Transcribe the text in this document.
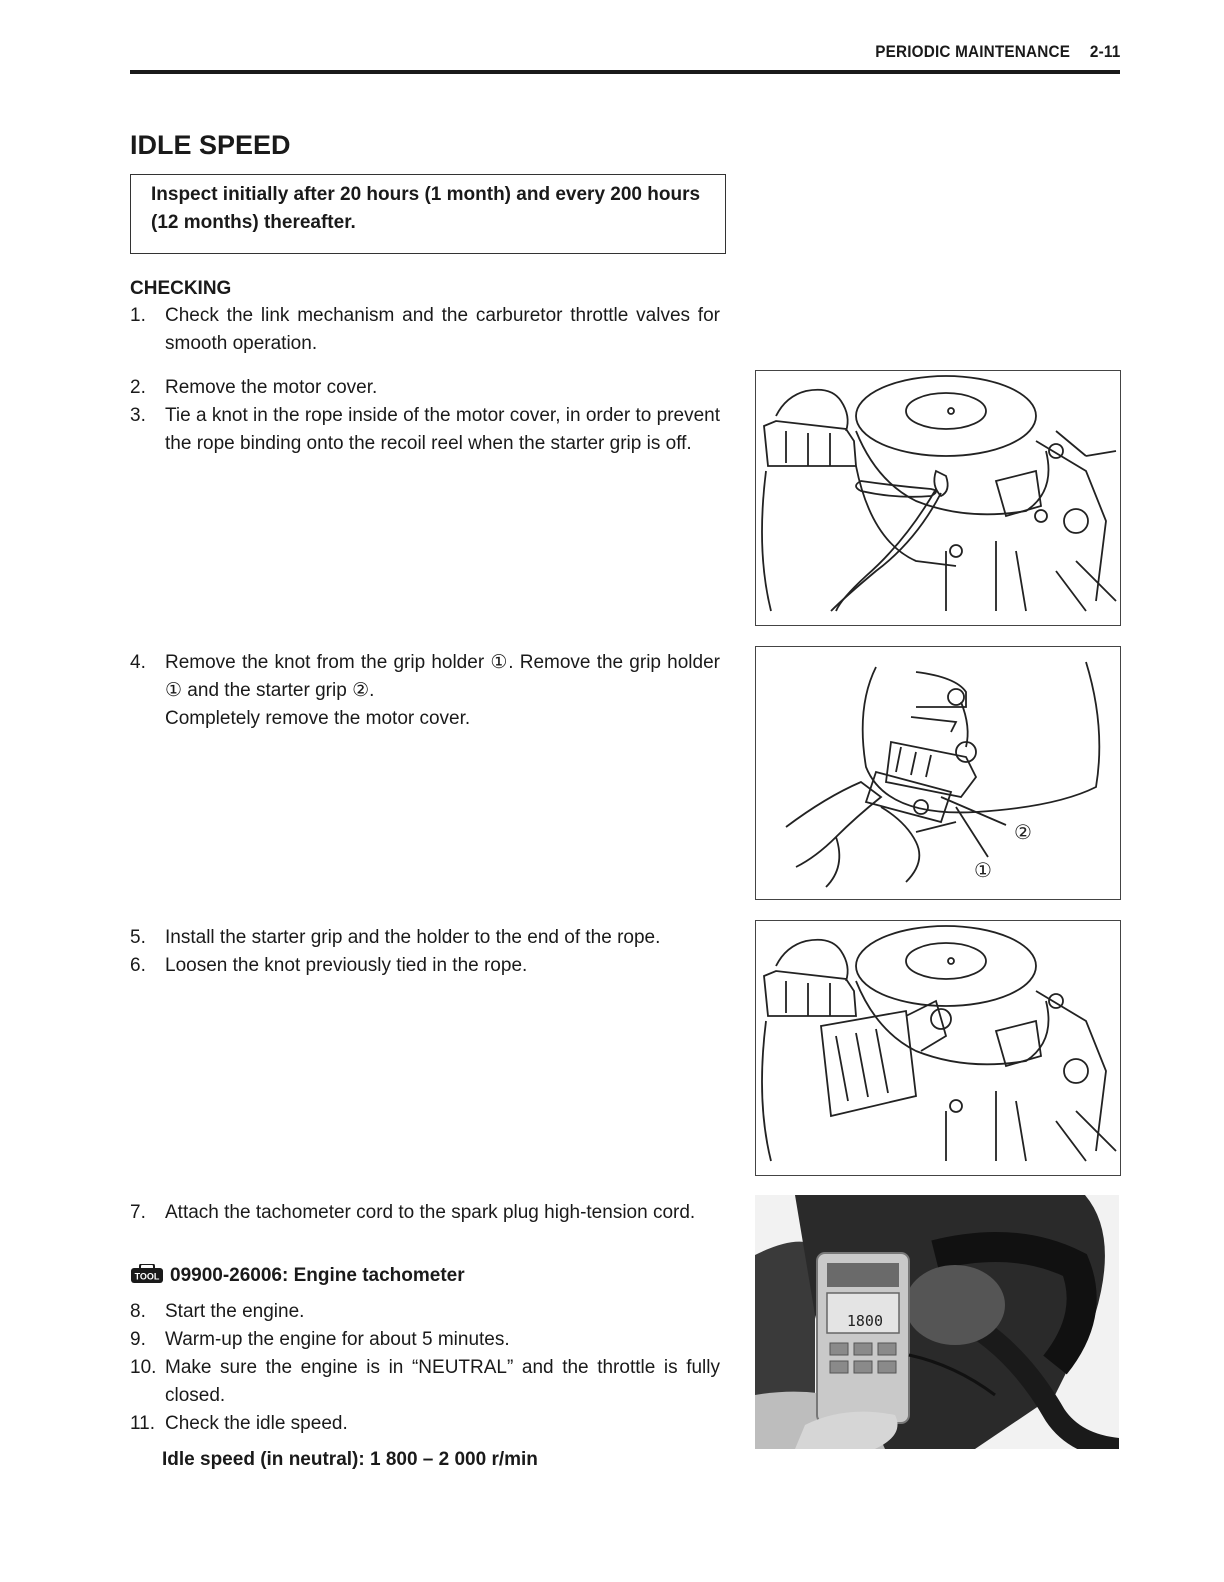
PERIODIC MAINTENANCE 2-11
IDLE SPEED
Inspect initially after 20 hours (1 month) and every 200 hours (12 months) thereafter.
CHECKING
1.	Check the link mechanism and the carburetor throttle valves for smooth operation.
2.	Remove the motor cover.
3.	Tie a knot in the rope inside of the motor cover, in order to prevent the rope binding onto the recoil reel when the starter grip is off.
4.	Remove the knot from the grip holder ①. Remove the grip holder ① and the starter grip ②.
Completely remove the motor cover.
5.	Install the starter grip and the holder to the end of the rope.
6.	Loosen the knot previously tied in the rope.
7.	Attach the tachometer cord to the spark plug high-tension cord.
TOOL 09900-26006: Engine tachometer
8.	Start the engine.
9.	Warm-up the engine for about 5 minutes.
10. Make sure the engine is in “NEUTRAL” and the throttle is fully closed.
11. Check the idle speed.
Idle speed (in neutral): 1 800 – 2 000 r/min
②
①
1800
